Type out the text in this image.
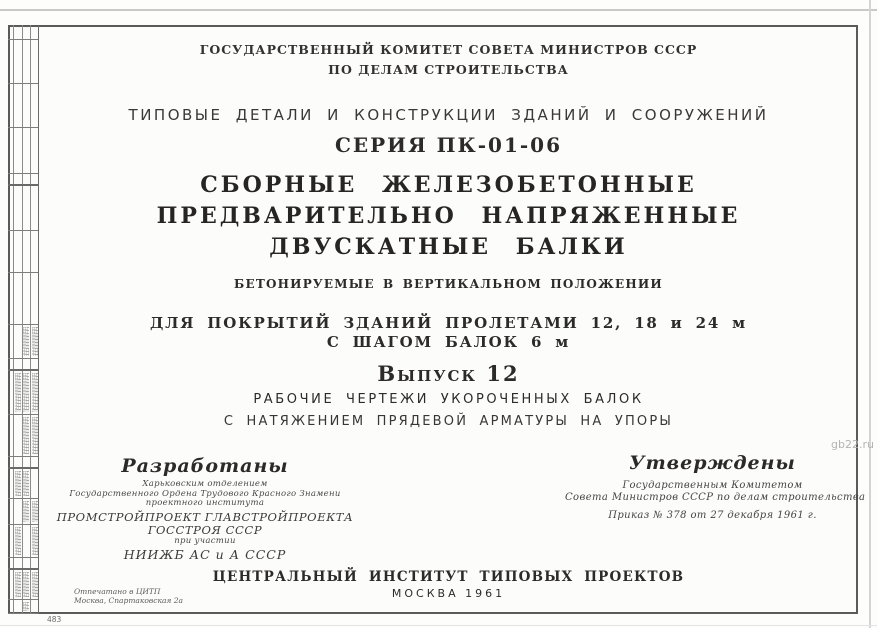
ГОСУДАРСТВЕННЫЙ КОМИТЕТ СОВЕТА МИНИСТРОВ СССР
ПО ДЕЛАМ СТРОИТЕЛЬСТВА
ТИПОВЫЕ ДЕТАЛИ И КОНСТРУКЦИИ ЗДАНИЙ И СООРУЖЕНИЙ
СЕРИЯ ПК-01-06
СБОРНЫЕ ЖЕЛЕЗОБЕТОННЫЕ
ПРЕДВАРИТЕЛЬНО НАПРЯЖЕННЫЕ
ДВУСКАТНЫЕ БАЛКИ
БЕТОНИРУЕМЫЕ В ВЕРТИКАЛЬНОМ ПОЛОЖЕНИИ
ДЛЯ ПОКРЫТИЙ ЗДАНИЙ ПРОЛЕТАМИ 12, 18 и 24 м
С ШАГОМ БАЛОК 6 м
Выпуск 12
РАБОЧИЕ ЧЕРТЕЖИ УКОРОЧЕННЫХ БАЛОК
С НАТЯЖЕНИЕМ ПРЯДЕВОЙ АРМАТУРЫ НА УПОРЫ
Разработаны
Харьковским отделением
Государственного Ордена Трудового Красного Знамени
проектного института
ПРОМСТРОЙПРОЕКТ ГЛАВСТРОЙПРОЕКТА
ГОССТРОЯ СССР
при участии
НИИЖБ АС и А СССР
Утверждены
Государственным Комитетом
Совета Министров СССР по делам строительства
Приказ № 378 от 27 декабря 1961 г.
ЦЕНТРАЛЬНЫЙ ИНСТИТУТ ТИПОВЫХ ПРОЕКТОВ
МОСКВА 1961
Отпечатано в ЦИТП
Москва, Спартаковская 2а
483
gb22.ru
